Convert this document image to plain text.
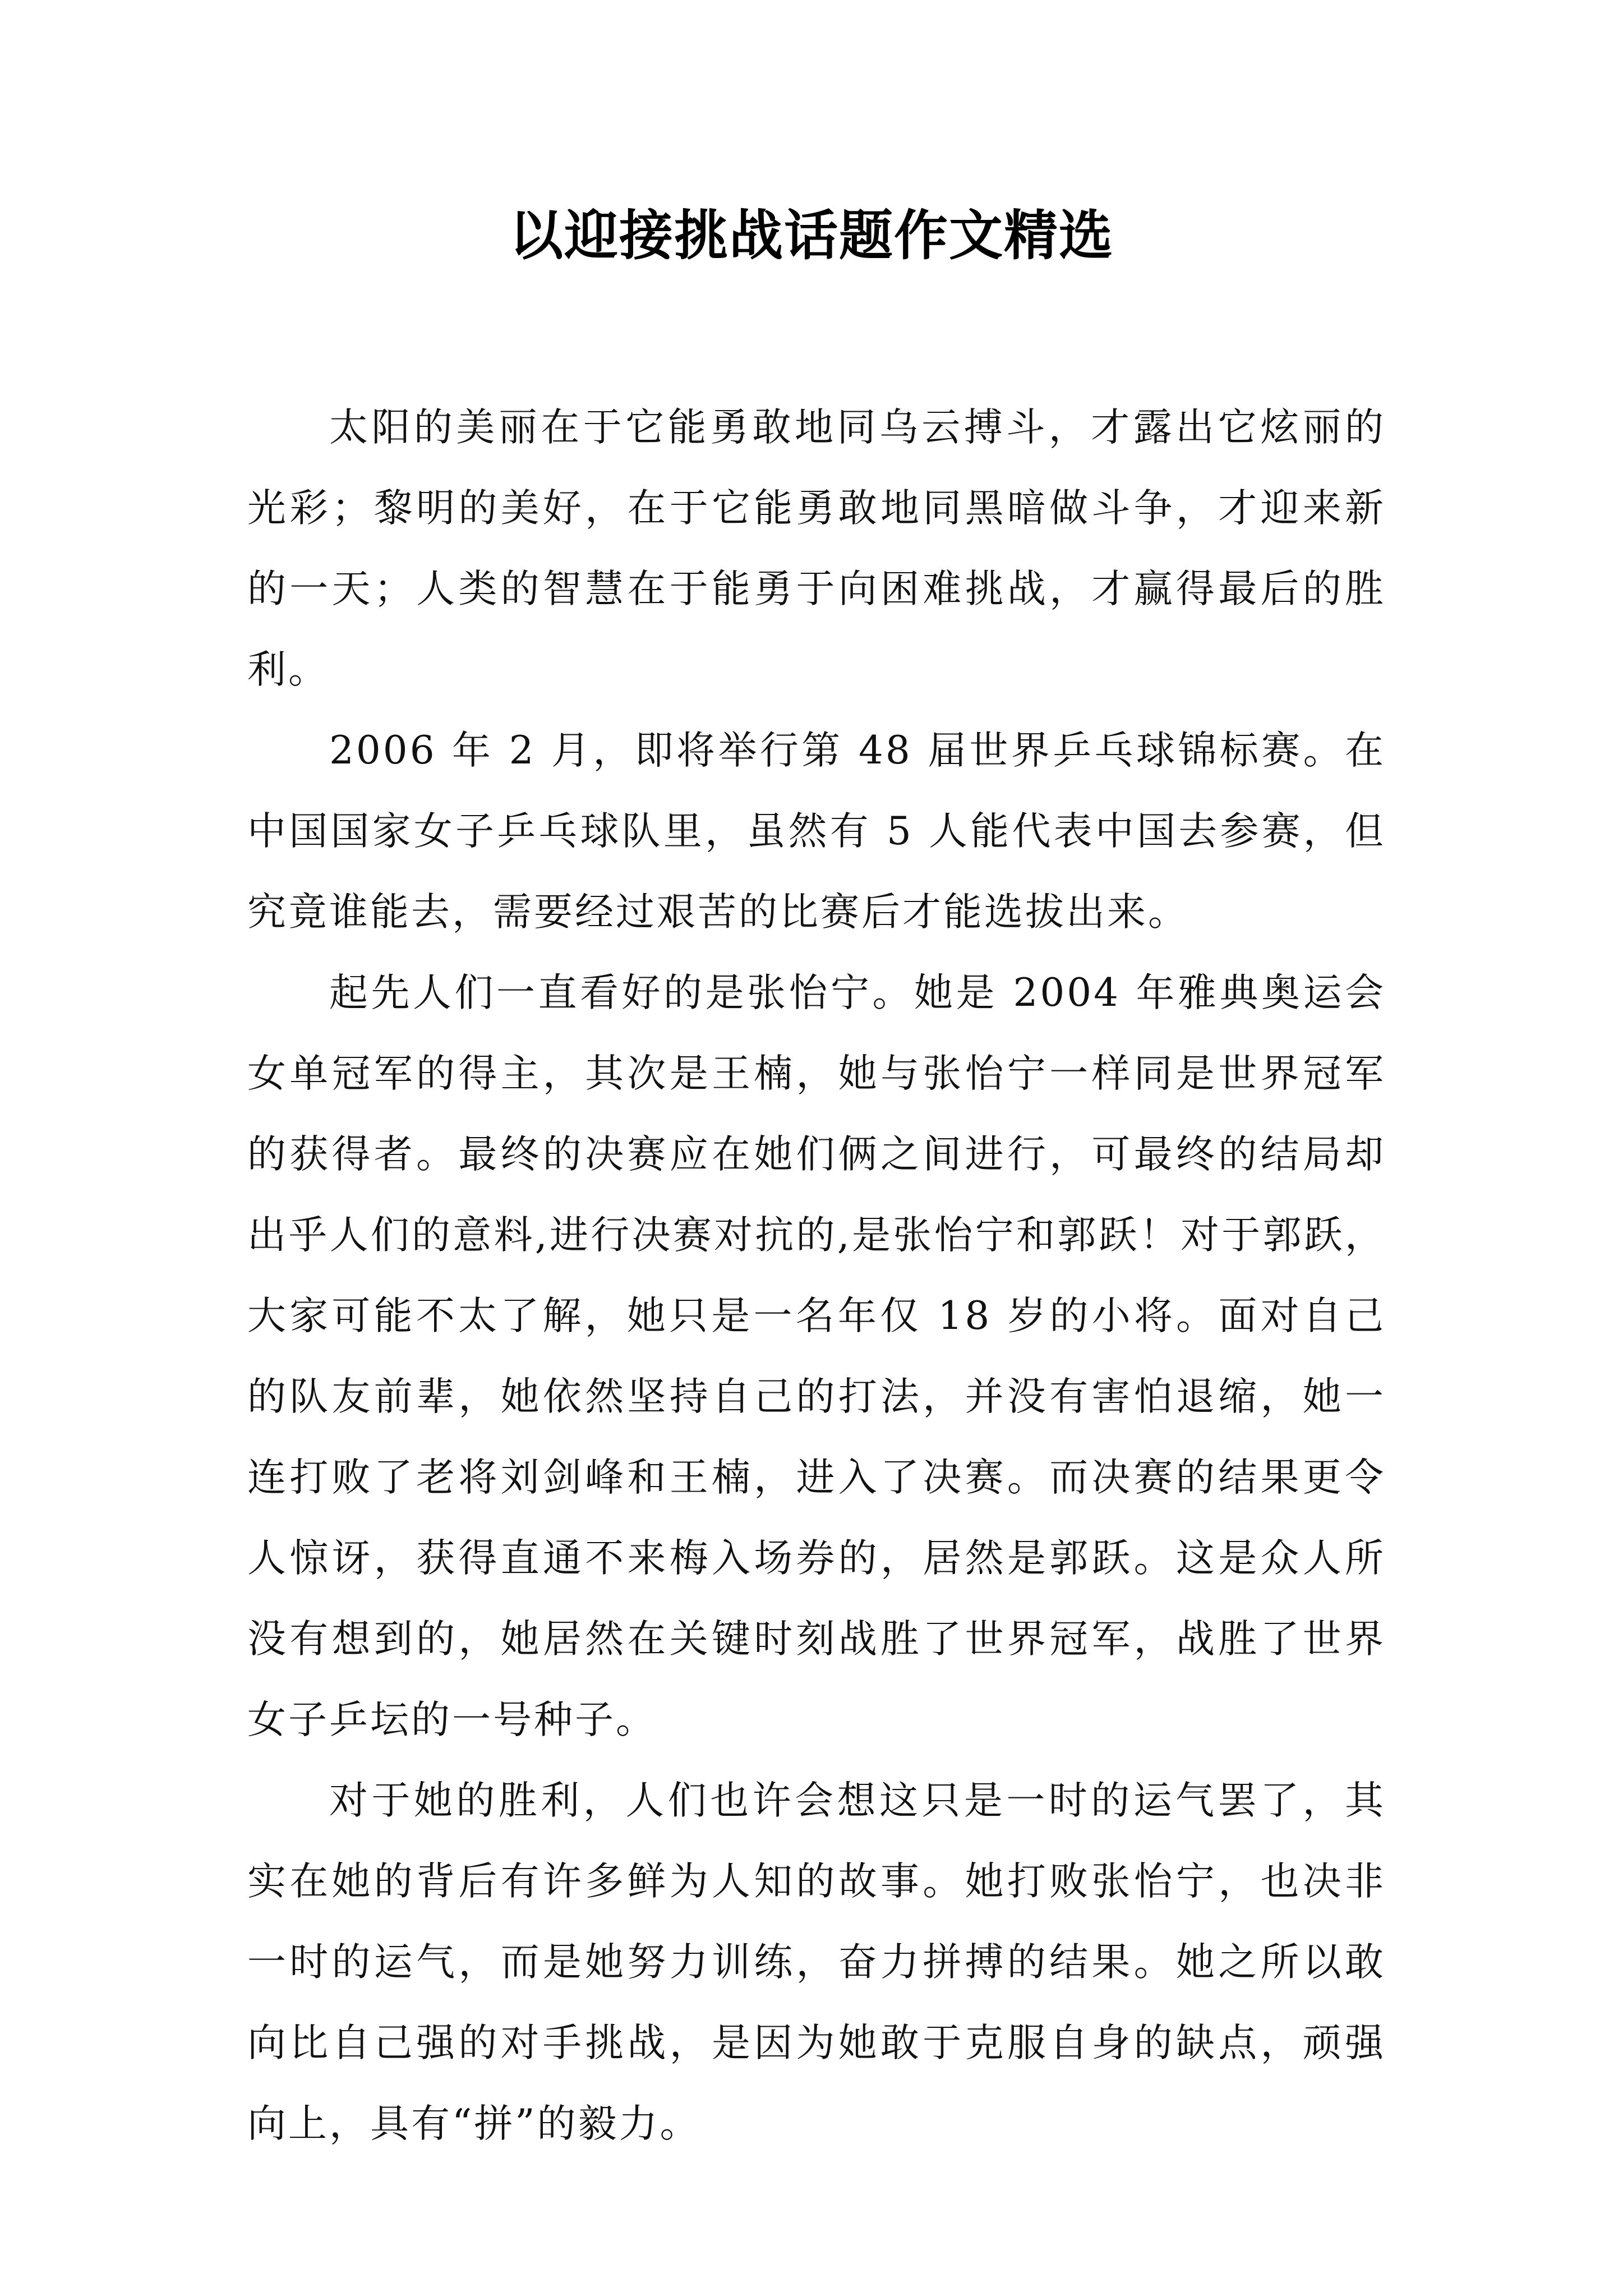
以迎接挑战话题作文精选

太阳的美丽在于它能勇敢地同乌云搏斗，才露出它炫丽的光彩；黎明的美好，在于它能勇敢地同黑暗做斗争，才迎来新的一天；人类的智慧在于能勇于向困难挑战，才赢得最后的胜利。

2006 年 2 月，即将举行第 48 届世界乒乓球锦标赛。在中国国家女子乒乓球队里，虽然有 5 人能代表中国去参赛，但究竟谁能去，需要经过艰苦的比赛后才能选拔出来。

起先人们一直看好的是张怡宁。她是 2004 年雅典奥运会女单冠军的得主，其次是王楠，她与张怡宁一样同是世界冠军的获得者。最终的决赛应在她们俩之间进行，可最终的结局却出乎人们的意料,进行决赛对抗的,是张怡宁和郭跃！对于郭跃，大家可能不太了解，她只是一名年仅 18 岁的小将。面对自己的队友前辈，她依然坚持自己的打法，并没有害怕退缩，她一连打败了老将刘剑峰和王楠，进入了决赛。而决赛的结果更令人惊讶，获得直通不来梅入场券的，居然是郭跃。这是众人所没有想到的，她居然在关键时刻战胜了世界冠军，战胜了世界女子乒坛的一号种子。

对于她的胜利，人们也许会想这只是一时的运气罢了，其实在她的背后有许多鲜为人知的故事。她打败张怡宁，也决非一时的运气，而是她努力训练，奋力拼搏的结果。她之所以敢向比自己强的对手挑战，是因为她敢于克服自身的缺点，顽强向上，具有“拼”的毅力。
